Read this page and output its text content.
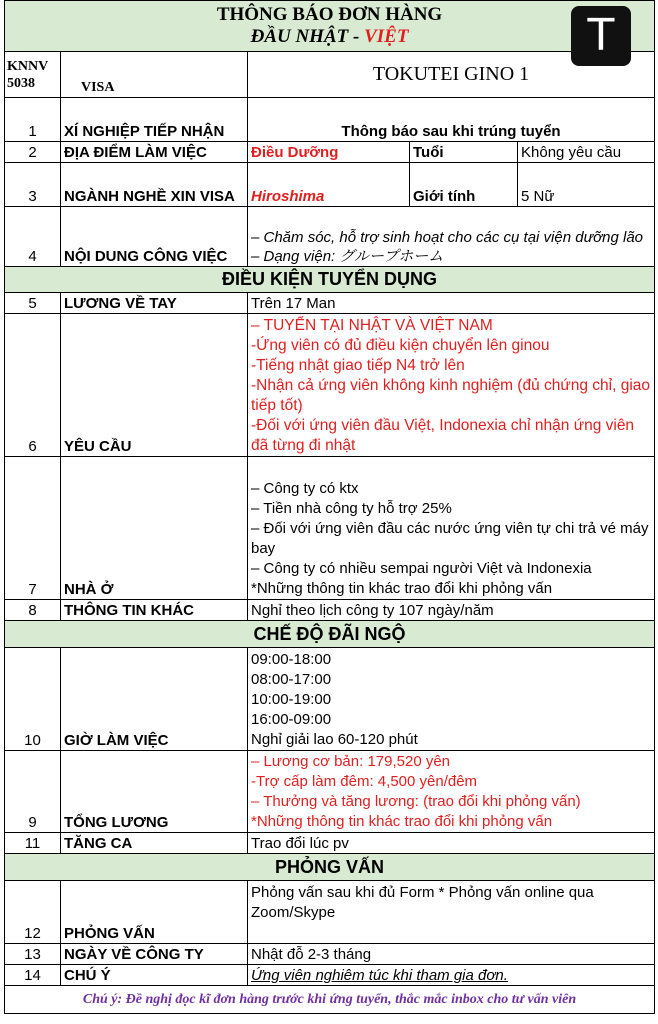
THÔNG BÁO ĐƠN HÀNG
ĐẦU NHẬT - VIỆT				

KNNV 5038	VISA	TOKUTEI GINO 1		
1	XÍ NGHIỆP TIẾP NHẬN	Thông báo sau khi trúng tuyển		
2	ĐỊA ĐIỂM LÀM VIỆC	Điều Dưỡng	Tuổi	Không yêu cầu
3	NGÀNH NGHỀ XIN VISA	Hiroshima	Giới tính	5 Nữ
4	NỘI DUNG CÔNG VIỆC	– Chăm sóc, hỗ trợ sinh hoạt cho các cụ tại viện dưỡng lão
– Dạng viện: グループホーム		

ĐIỀU KIỆN TUYỂN DỤNG				
5	LƯƠNG VỀ TAY	Trên 17 Man		
6	YÊU CẦU	– TUYỂN TẠI NHẬT VÀ VIỆT NAM
-Ứng viên có đủ điều kiện chuyển lên ginou
-Tiếng nhật giao tiếp N4 trở lên
-Nhận cả ứng viên không kinh nghiệm (đủ chứng chỉ, giao tiếp tốt)
-Đối với ứng viên đầu Việt, Indonexia chỉ nhận ứng viên đã từng đi nhật		

7	NHÀ Ở	– Công ty có ktx
– Tiền nhà công ty hỗ trợ 25%
– Đối với ứng viên đầu các nước ứng viên tự chi trả vé máy bay
– Công ty có nhiều sempai người Việt và Indonexia
*Những thông tin khác trao đổi khi phỏng vấn		

8	THÔNG TIN KHÁC	Nghỉ theo lịch công ty 107 ngày/năm		
CHẾ ĐỘ ĐÃI NGỘ				
10	GIỜ LÀM VIỆC	09:00-18:00
08:00-17:00
10:00-19:00
16:00-09:00
Nghỉ giải lao 60-120 phút		

9	TỔNG LƯƠNG	– Lương cơ bản: 179,520 yên
-Trợ cấp làm đêm: 4,500 yên/đêm
– Thưởng và tăng lương: (trao đổi khi phỏng vấn)
*Những thông tin khác trao đổi khi phỏng vấn		

11	TĂNG CA	Trao đổi lúc pv		
PHỎNG VẤN				
12	PHỎNG VẤN	Phỏng vấn sau khi đủ Form * Phỏng vấn online qua Zoom/Skype		
13	NGÀY VỀ CÔNG TY	Nhật đỗ 2-3 tháng		
14	CHÚ Ý	Ứng viên nghiêm túc khi tham gia đơn.		
Chú ý: Đề nghị đọc kĩ đơn hàng trước khi ứng tuyển, thắc mắc inbox cho tư vấn viên				
T
